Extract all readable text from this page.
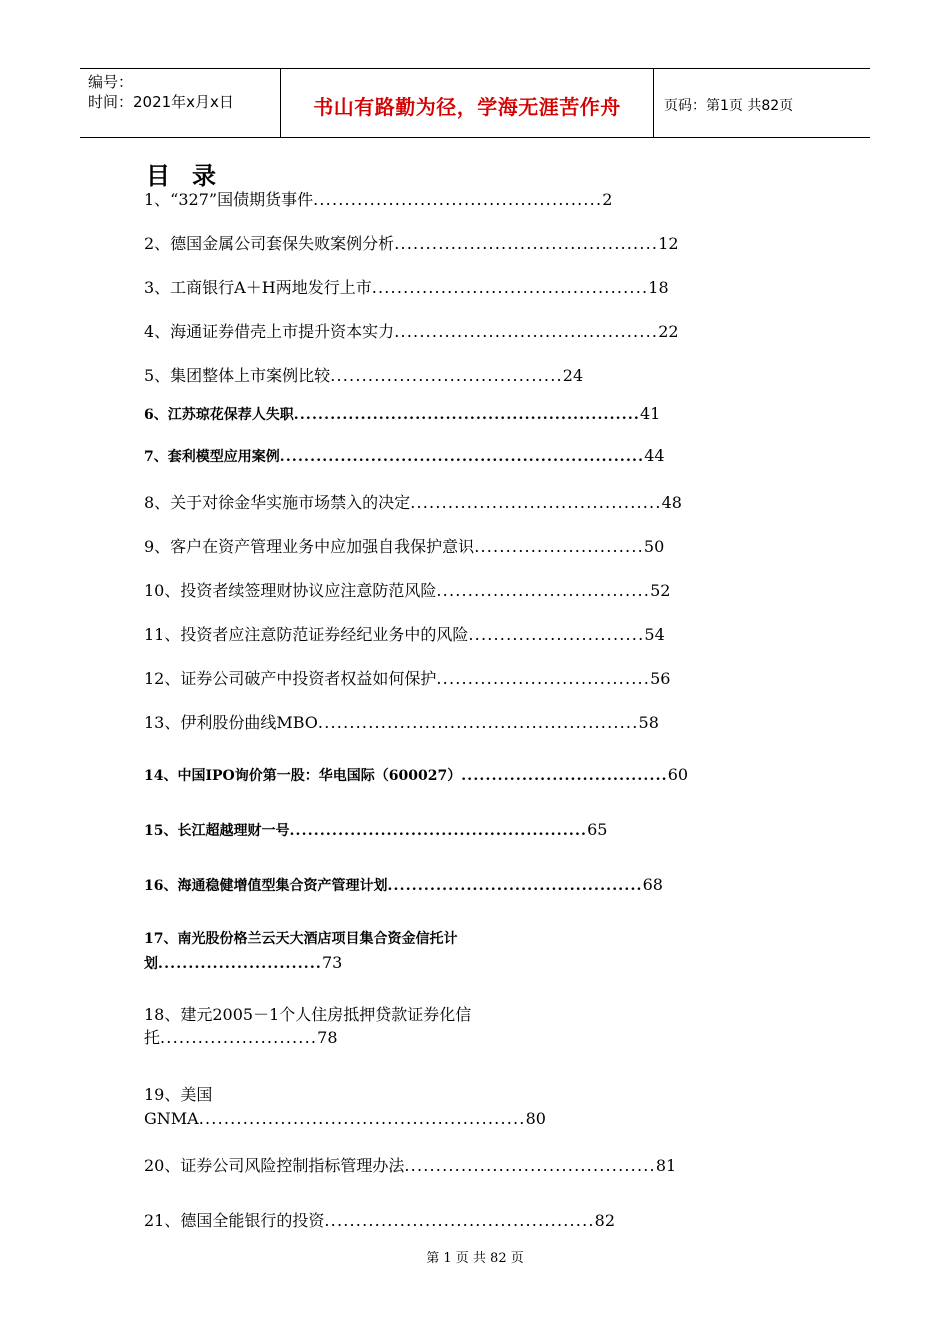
编号：
时间：2021年x月x日	书山有路勤为径，学海无涯苦作舟	页码：第1页 共82页
目录
1、“327”国债期货事件..............................................2
2、德国金属公司套保失败案例分析..........................................12
3、工商银行A＋H两地发行上市............................................18
4、海通证券借壳上市提升资本实力..........................................22
5、集团整体上市案例比较.....................................24
6、江苏琼花保荐人失职.........................................................41
7、套利模型应用案例............................................................44
8、关于对徐金华实施市场禁入的决定........................................48
9、客户在资产管理业务中应加强自我保护意识...........................50
10、投资者续签理财协议应注意防范风险..................................52
11、投资者应注意防范证券经纪业务中的风险............................54
12、证券公司破产中投资者权益如何保护..................................56
13、伊利股份曲线MBO...................................................58
14、中国IPO询价第一股：华电国际（600027）..................................60
15、长江超越理财一号.................................................65
16、海通稳健增值型集合资产管理计划..........................................68
17、南光股份格兰云天大酒店项目集合资金信托计划...........................73
18、建元2005－1个人住房抵押贷款证券化信托.........................78
19、美国GNMA....................................................80
20、证券公司风险控制指标管理办法........................................81
21、德国全能银行的投资...........................................82
第 1 页 共 82 页
